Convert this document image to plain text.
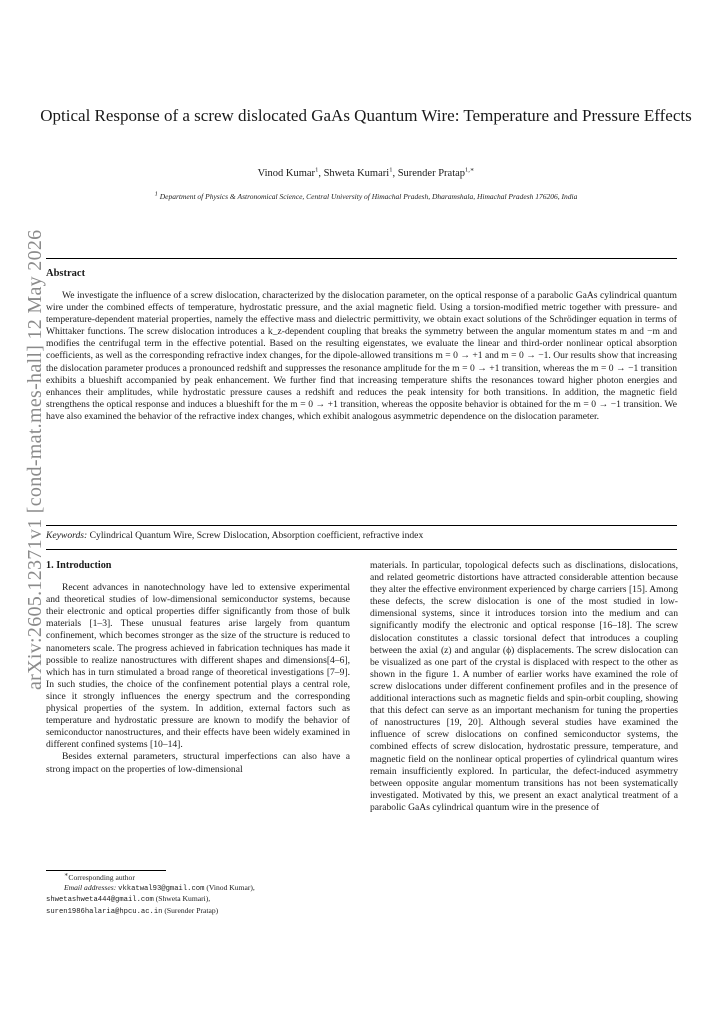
arXiv:2605.12371v1 [cond-mat.mes-hall] 12 May 2026
Optical Response of a screw dislocated GaAs Quantum Wire: Temperature and Pressure Effects
Vinod Kumar$^1$, Shweta Kumari$^1$, Surender Pratap$^{1,∗}$
$^1$ Department of Physics & Astronomical Science, Central University of Himachal Pradesh, Dharamshala, Himachal Pradesh 176206, India
Abstract
We investigate the influence of a screw dislocation, characterized by the dislocation parameter, on the optical response of a parabolic GaAs cylindrical quantum wire under the combined effects of temperature, hydrostatic pressure, and the axial magnetic field. Using a torsion-modified metric together with pressure- and temperature-dependent material properties, namely the effective mass and dielectric permittivity, we obtain exact solutions of the Schrödinger equation in terms of Whittaker functions. The screw dislocation introduces a k_z-dependent coupling that breaks the symmetry between the angular momentum states m and −m and modifies the centrifugal term in the effective potential. Based on the resulting eigenstates, we evaluate the linear and third-order nonlinear optical absorption coefficients, as well as the corresponding refractive index changes, for the dipole-allowed transitions m = 0 → +1 and m = 0 → −1. Our results show that increasing the dislocation parameter produces a pronounced redshift and suppresses the resonance amplitude for the m = 0 → +1 transition, whereas the m = 0 → −1 transition exhibits a blueshift accompanied by peak enhancement. We further find that increasing temperature shifts the resonances toward higher photon energies and enhances their amplitudes, while hydrostatic pressure causes a redshift and reduces the peak intensity for both transitions. In addition, the magnetic field strengthens the optical response and induces a blueshift for the m = 0 → +1 transition, whereas the opposite behavior is obtained for the m = 0 → −1 transition. We have also examined the behavior of the refractive index changes, which exhibit analogous asymmetric dependence on the dislocation parameter.
Keywords: Cylindrical Quantum Wire, Screw Dislocation, Absorption coefficient, refractive index
1. Introduction

Recent advances in nanotechnology have led to extensive experimental and theoretical studies of low-dimensional semiconductor systems, because their electronic and optical properties differ significantly from those of bulk materials [1–3]. These unusual features arise largely from quantum confinement, which becomes stronger as the size of the structure is reduced to nanometers scale. The progress achieved in fabrication techniques has made it possible to realize nanostructures with different shapes and dimensions[4–6], which has in turn stimulated a broad range of theoretical investigations [7–9]. In such studies, the choice of the confinement potential plays a central role, since it strongly influences the energy spectrum and the corresponding physical properties of the system. In addition, external factors such as temperature and hydrostatic pressure are known to modify the behavior of semiconductor nanostructures, and their effects have been widely examined in different confined systems [10–14].

Besides external parameters, structural imperfections can also have a strong impact on the properties of low-dimensional

materials. In particular, topological defects such as disclinations, dislocations, and related geometric distortions have attracted considerable attention because they alter the effective environment experienced by charge carriers [15]. Among these defects, the screw dislocation is one of the most studied in low-dimensional systems, since it introduces torsion into the medium and can significantly modify the electronic and optical response [16–18]. The screw dislocation constitutes a classic torsional defect that introduces a coupling between the axial (z) and angular (ϕ) displacements. The screw dislocation can be visualized as one part of the crystal is displaced with respect to the other as shown in the figure 1. A number of earlier works have examined the role of screw dislocations under different confinement profiles and in the presence of additional interactions such as magnetic fields and spin-orbit coupling, showing that this defect can serve as an important mechanism for tuning the properties of nanostructures [19, 20]. Although several studies have examined the influence of screw dislocations on confined semiconductor systems, the combined effects of screw dislocation, hydrostatic pressure, temperature, and magnetic field on the nonlinear optical properties of cylindrical quantum wires remain insufficiently explored. In particular, the defect-induced asymmetry between opposite angular momentum transitions has not been systematically investigated. Motivated by this, we present an exact analytical treatment of a parabolic GaAs cylindrical quantum wire in the presence of

∗Corresponding author
Email addresses: vkkatwal93@gmail.com (Vinod Kumar),
shwetashweta444@gmail.com (Shweta Kumari),
suren1986halaria@hpcu.ac.in (Surender Pratap)
